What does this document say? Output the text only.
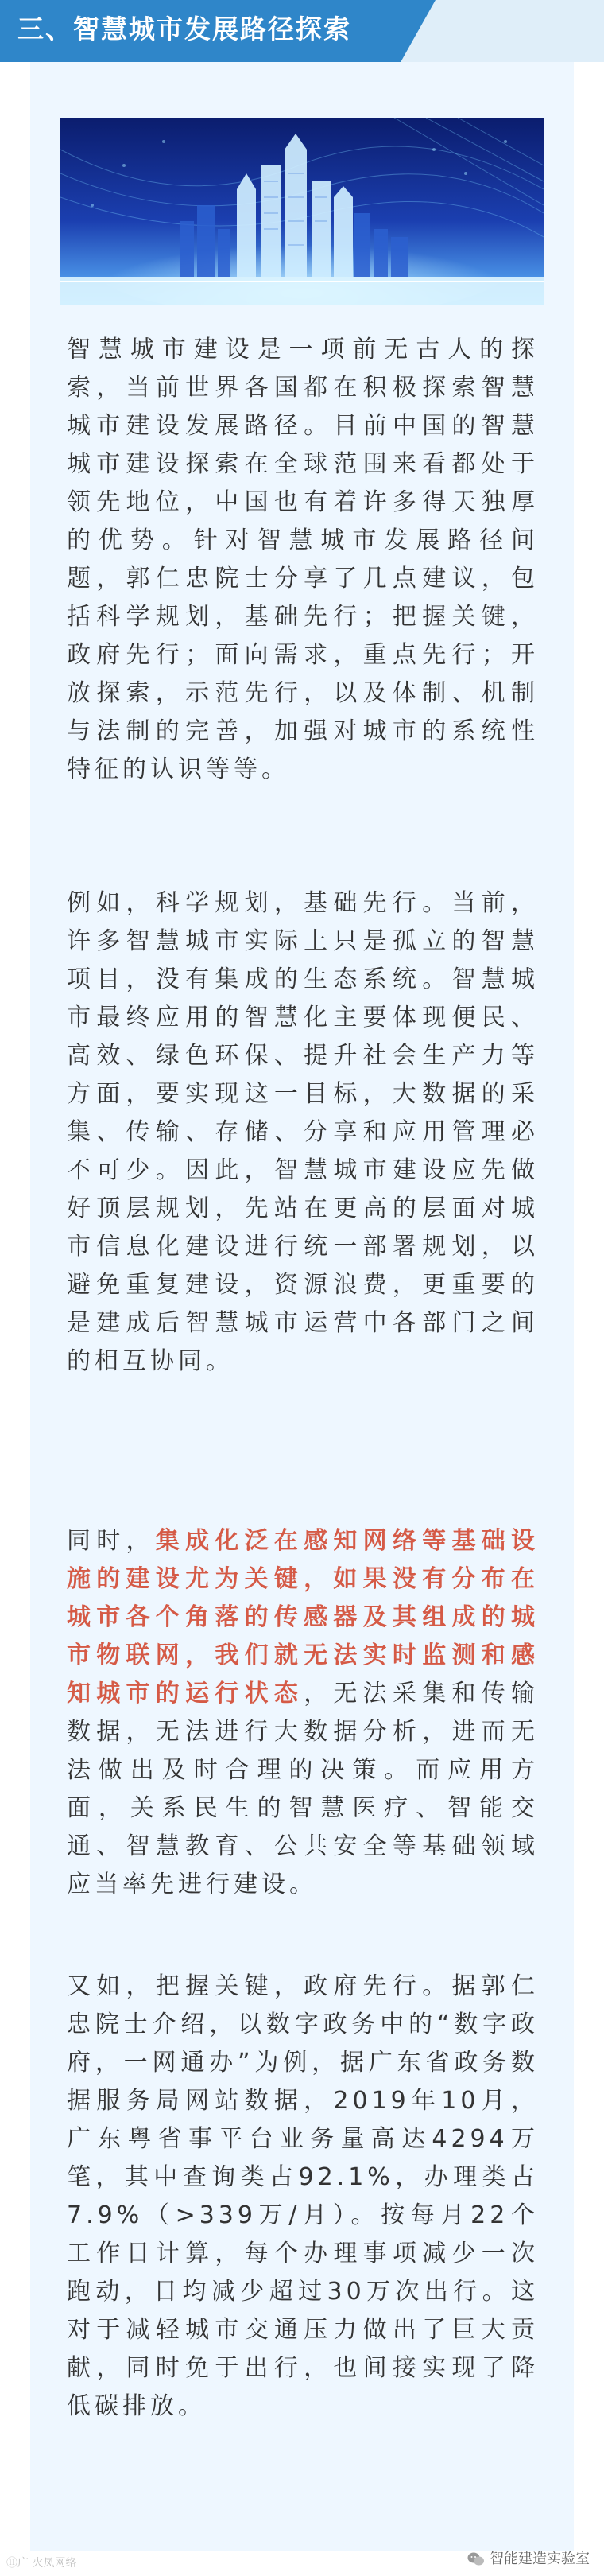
三、智慧城市发展路径探索

智慧城市建设是一项前无古人的探索，当前世界各国都在积极探索智慧城市建设发展路径。目前中国的智慧城市建设探索在全球范围来看都处于领先地位，中国也有着许多得天独厚的优势。针对智慧城市发展路径问题，郭仁忠院士分享了几点建议，包括科学规划，基础先行；把握关键，政府先行；面向需求，重点先行；开放探索，示范先行，以及体制、机制与法制的完善，加强对城市的系统性特征的认识等等。

例如，科学规划，基础先行。当前，许多智慧城市实际上只是孤立的智慧项目，没有集成的生态系统。智慧城市最终应用的智慧化主要体现便民、高效、绿色环保、提升社会生产力等方面，要实现这一目标，大数据的采集、传输、存储、分享和应用管理必不可少。因此，智慧城市建设应先做好顶层规划，先站在更高的层面对城市信息化建设进行统一部署规划，以避免重复建设，资源浪费，更重要的是建成后智慧城市运营中各部门之间的相互协同。

同时，集成化泛在感知网络等基础设施的建设尤为关键，如果没有分布在城市各个角落的传感器及其组成的城市物联网，我们就无法实时监测和感知城市的运行状态，无法采集和传输数据，无法进行大数据分析，进而无法做出及时合理的决策。而应用方面，关系民生的智慧医疗、智能交通、智慧教育、公共安全等基础领域应当率先进行建设。

又如，把握关键，政府先行。据郭仁忠院士介绍，以数字政务中的“数字政府，一网通办”为例，据广东省政务数据服务局网站数据，2019年10月，广东粤省事平台业务量高达4294万笔，其中查询类占92.1%，办理类占7.9%（>339万/月）。按每月22个工作日计算，每个办理事项减少一次跑动，日均减少超过30万次出行。这对于减轻城市交通压力做出了巨大贡献，同时免于出行，也间接实现了降低碳排放。

⑪广 火凤网络	智能建造实验室
